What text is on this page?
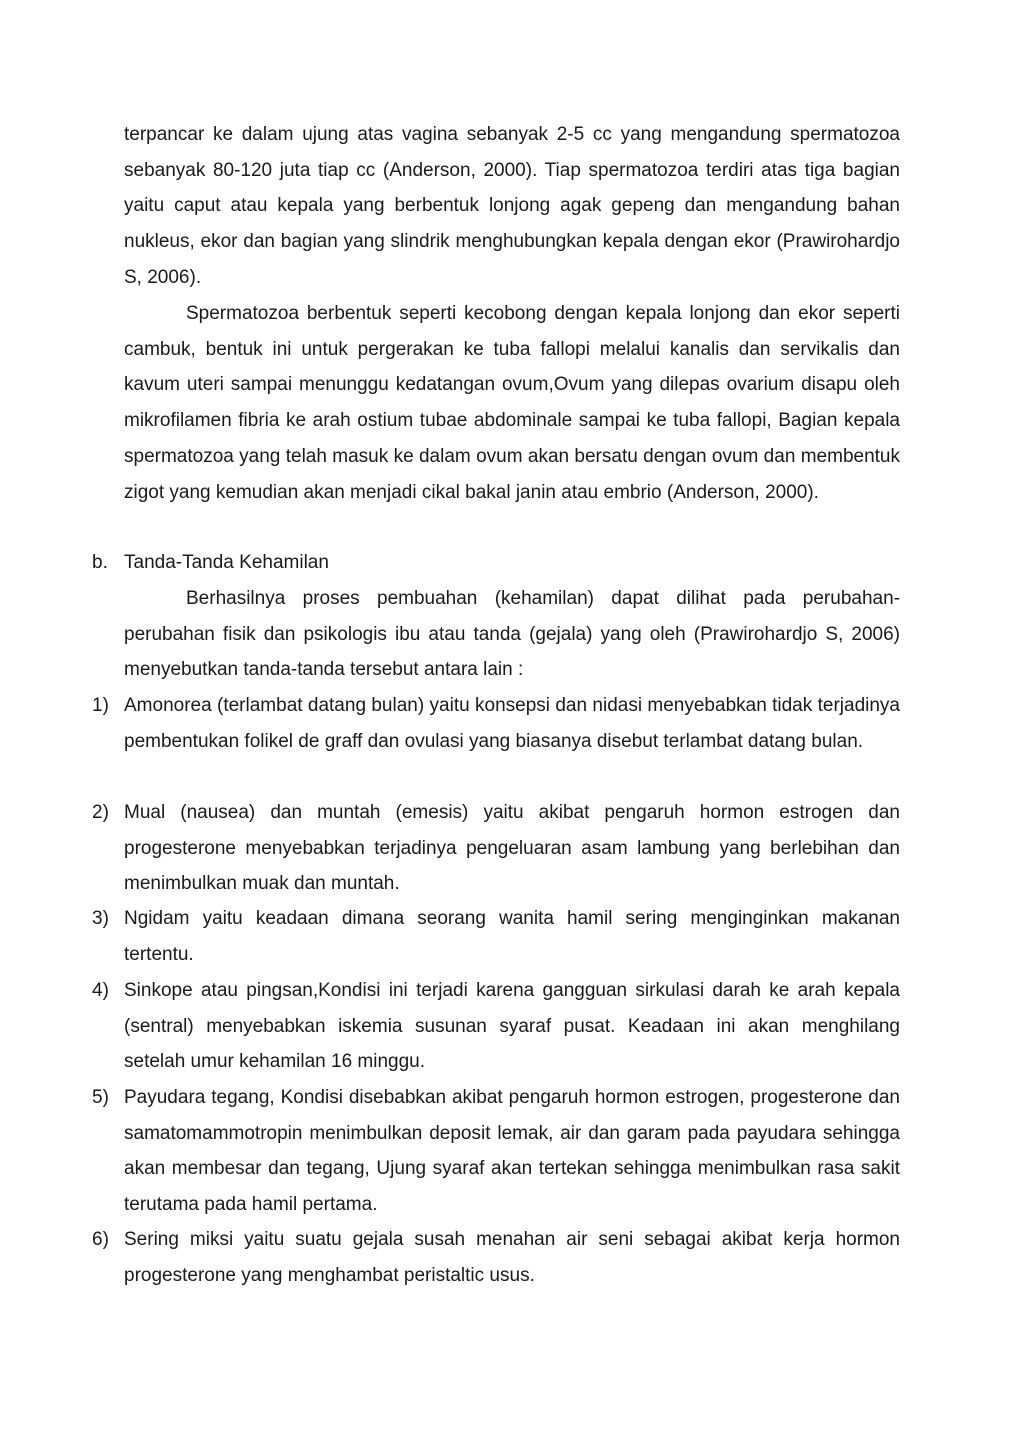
terpancar ke dalam ujung atas vagina sebanyak 2-5 cc yang mengandung spermatozoa sebanyak 80-120 juta tiap cc (Anderson, 2000). Tiap spermatozoa terdiri atas tiga bagian yaitu caput atau kepala yang berbentuk lonjong agak gepeng dan mengandung bahan nukleus, ekor dan bagian yang slindrik menghubungkan kepala dengan ekor (Prawirohardjo S, 2006).

Spermatozoa berbentuk seperti kecobong dengan kepala lonjong dan ekor seperti cambuk, bentuk ini untuk pergerakan ke tuba fallopi melalui kanalis dan servikalis dan kavum uteri sampai menunggu kedatangan ovum,Ovum yang dilepas ovarium disapu oleh mikrofilamen fibria ke arah ostium tubae abdominale sampai ke tuba fallopi, Bagian kepala spermatozoa yang telah masuk ke dalam ovum akan bersatu dengan ovum dan membentuk zigot yang kemudian akan menjadi cikal bakal janin atau embrio (Anderson, 2000).

b. Tanda-Tanda Kehamilan

Berhasilnya proses pembuahan (kehamilan) dapat dilihat pada perubahan-perubahan fisik dan psikologis ibu atau tanda (gejala) yang oleh (Prawirohardjo S, 2006) menyebutkan tanda-tanda tersebut antara lain :

1) Amonorea (terlambat datang bulan) yaitu konsepsi dan nidasi menyebabkan tidak terjadinya pembentukan folikel de graff dan ovulasi yang biasanya disebut terlambat datang bulan.

2) Mual (nausea) dan muntah (emesis) yaitu akibat pengaruh hormon estrogen dan progesterone menyebabkan terjadinya pengeluaran asam lambung yang berlebihan dan menimbulkan muak dan muntah.

3) Ngidam yaitu keadaan dimana seorang wanita hamil sering menginginkan makanan tertentu.

4) Sinkope atau pingsan,Kondisi ini terjadi karena gangguan sirkulasi darah ke arah kepala (sentral) menyebabkan iskemia susunan syaraf pusat. Keadaan ini akan menghilang setelah umur kehamilan 16 minggu.

5) Payudara tegang, Kondisi disebabkan akibat pengaruh hormon estrogen, progesterone dan samatomammotropin menimbulkan deposit lemak, air dan garam pada payudara sehingga akan membesar dan tegang, Ujung syaraf akan tertekan sehingga menimbulkan rasa sakit terutama pada hamil pertama.

6) Sering miksi yaitu suatu gejala susah menahan air seni sebagai akibat kerja hormon progesterone yang menghambat peristaltic usus.
